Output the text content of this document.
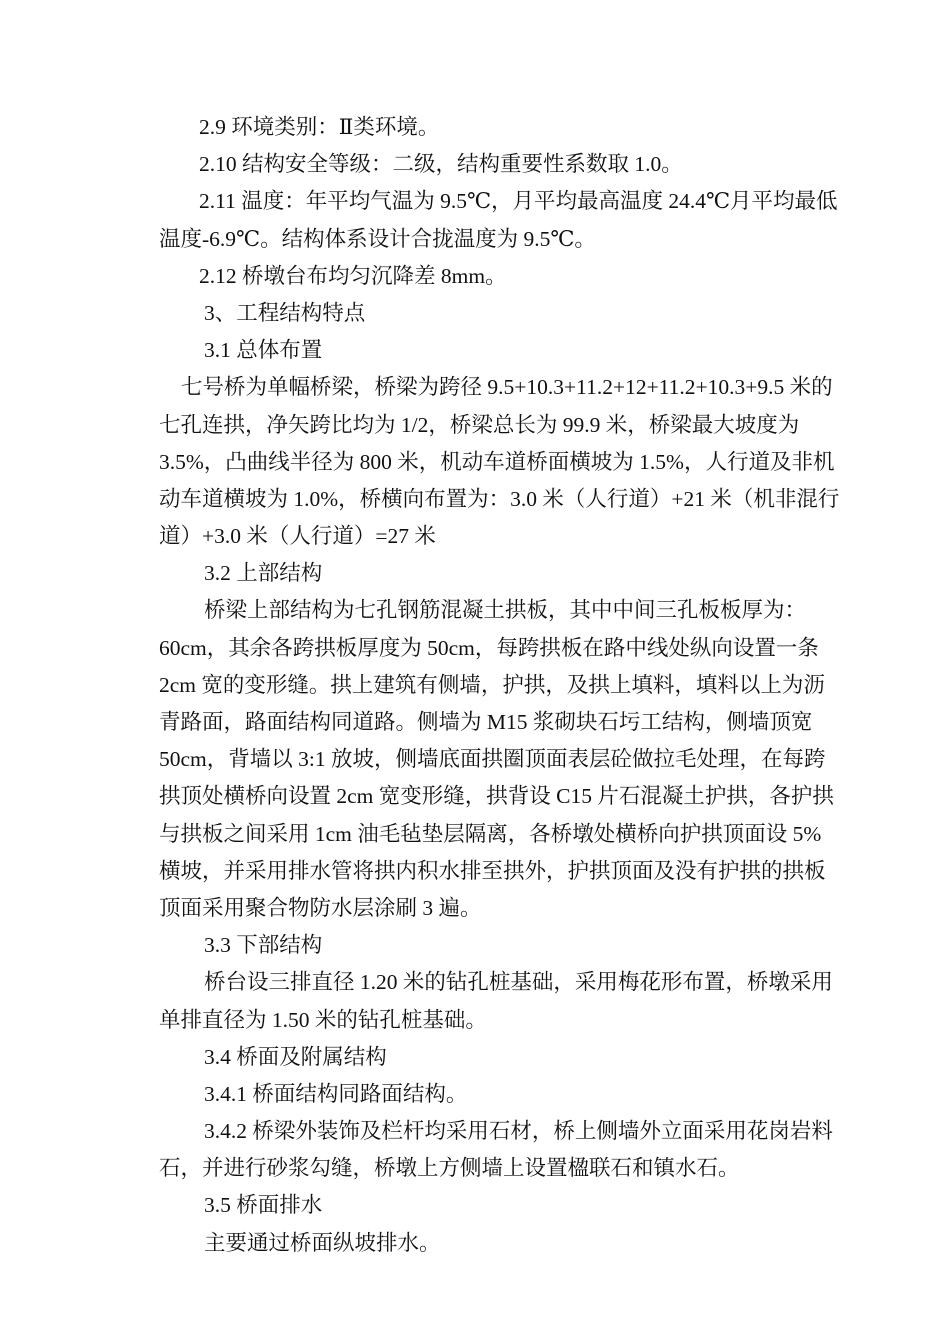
2.9 环境类别：Ⅱ类环境。
2.10 结构安全等级：二级，结构重要性系数取 1.0。
2.11 温度：年平均气温为 9.5℃，月平均最高温度 24.4℃月平均最低
温度-6.9℃。结构体系设计合拢温度为 9.5℃。
2.12 桥墩台布均匀沉降差 8mm。
3、工程结构特点
3.1 总体布置
七号桥为单幅桥梁，桥梁为跨径 9.5+10.3+11.2+12+11.2+10.3+9.5 米的
七孔连拱，净矢跨比均为 1/2，桥梁总长为 99.9 米，桥梁最大坡度为
3.5%，凸曲线半径为 800 米，机动车道桥面横坡为 1.5%，人行道及非机
动车道横坡为 1.0%，桥横向布置为：3.0 米（人行道）+21 米（机非混行
道）+3.0 米（人行道）=27 米
3.2 上部结构
桥梁上部结构为七孔钢筋混凝土拱板，其中中间三孔板板厚为：
60cm，其余各跨拱板厚度为 50cm，每跨拱板在路中线处纵向设置一条
2cm 宽的变形缝。拱上建筑有侧墙，护拱，及拱上填料，填料以上为沥
青路面，路面结构同道路。侧墙为 M15 浆砌块石圬工结构，侧墙顶宽
50cm，背墙以 3:1 放坡，侧墙底面拱圈顶面表层砼做拉毛处理，在每跨
拱顶处横桥向设置 2cm 宽变形缝，拱背设 C15 片石混凝土护拱，各护拱
与拱板之间采用 1cm 油毛毡垫层隔离，各桥墩处横桥向护拱顶面设 5%
横坡，并采用排水管将拱内积水排至拱外，护拱顶面及没有护拱的拱板
顶面采用聚合物防水层涂刷 3 遍。
3.3 下部结构
桥台设三排直径 1.20 米的钻孔桩基础，采用梅花形布置，桥墩采用
单排直径为 1.50 米的钻孔桩基础。
3.4 桥面及附属结构
3.4.1 桥面结构同路面结构。
3.4.2 桥梁外装饰及栏杆均采用石材，桥上侧墙外立面采用花岗岩料
石，并进行砂浆勾缝，桥墩上方侧墙上设置楹联石和镇水石。
3.5 桥面排水
主要通过桥面纵坡排水。
